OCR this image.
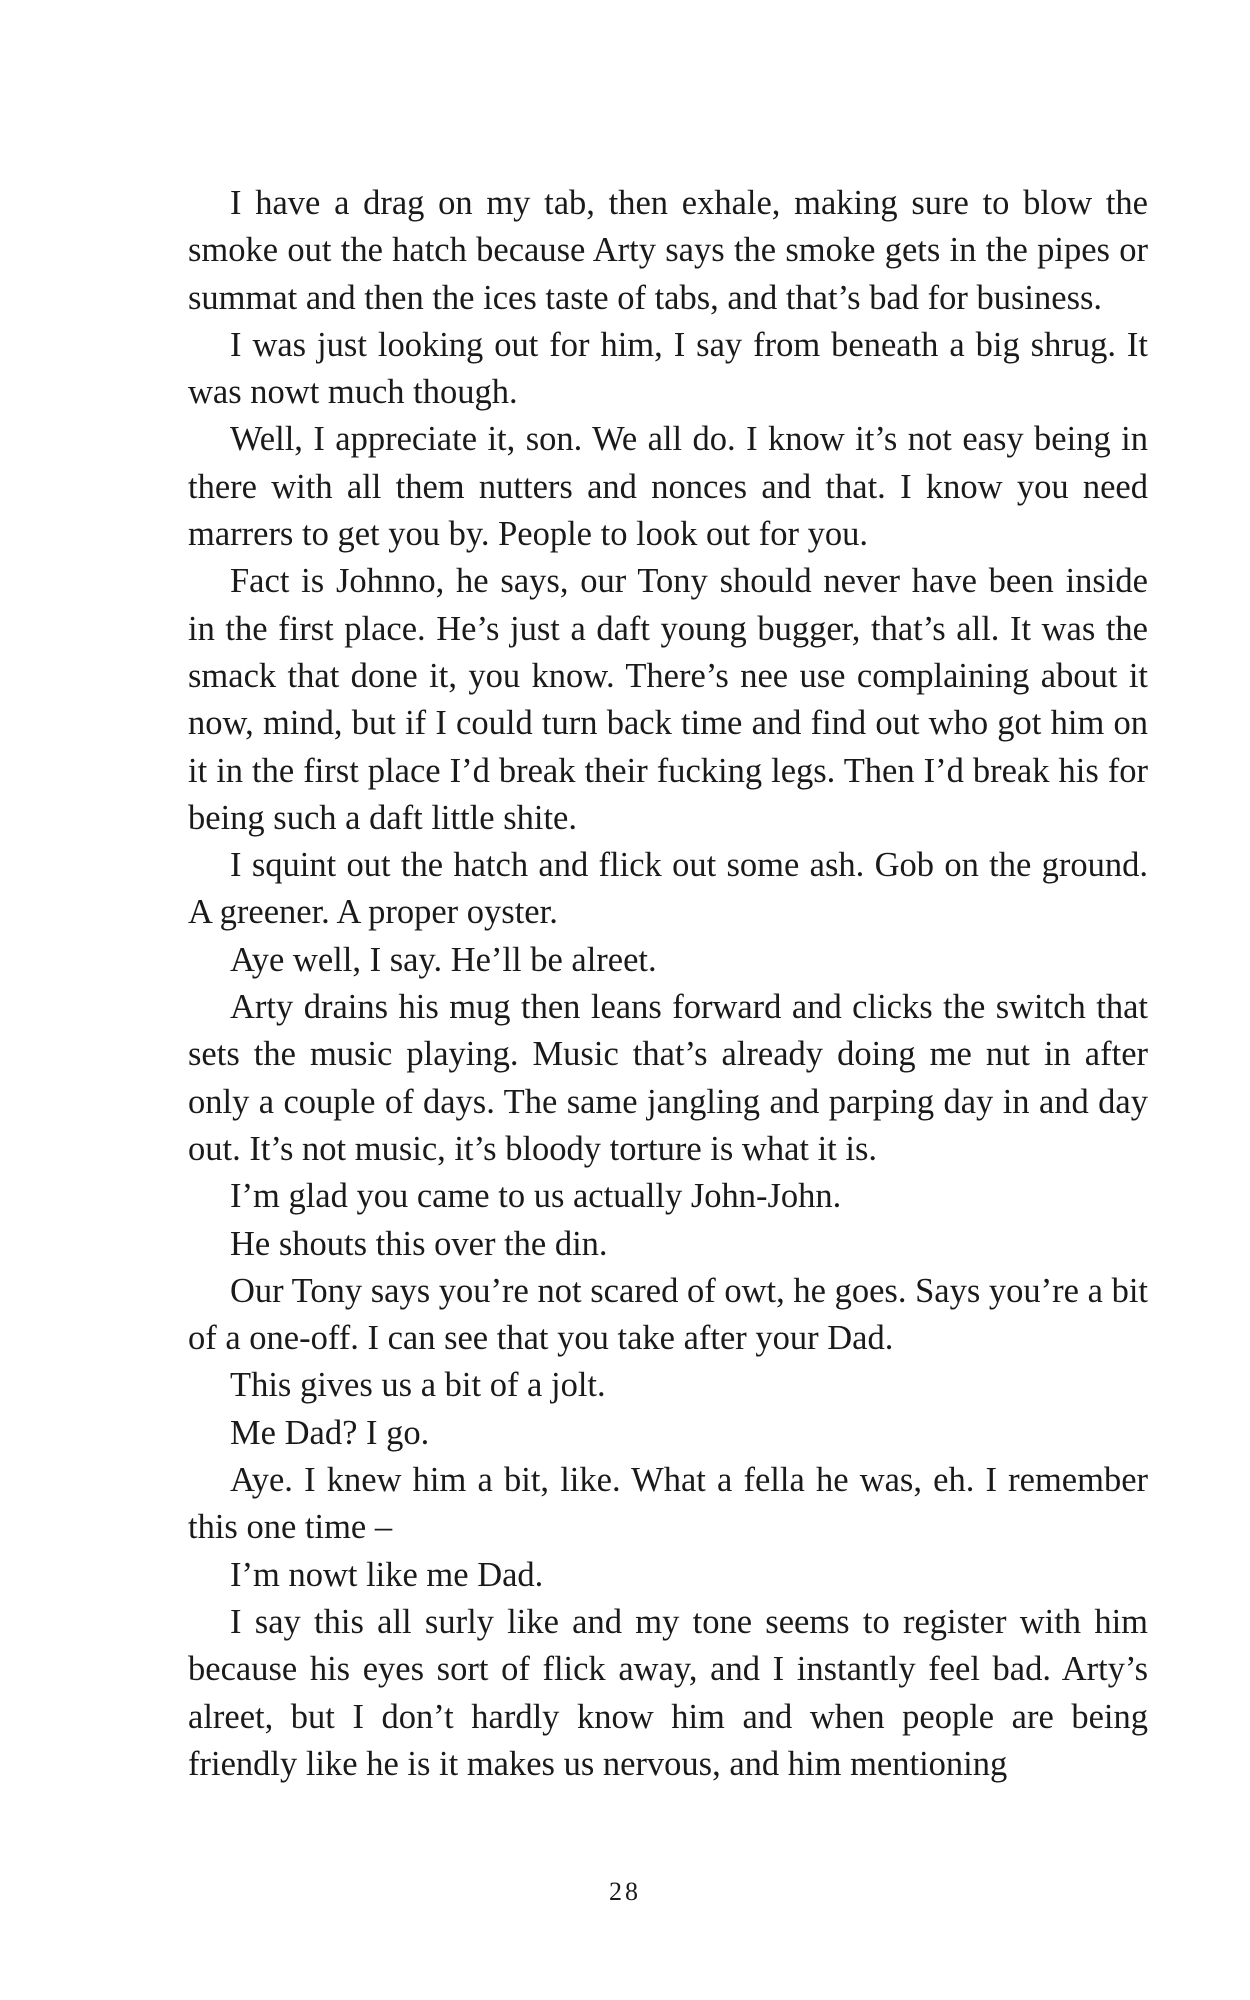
I have a drag on my tab, then exhale, making sure to blow the smoke out the hatch because Arty says the smoke gets in the pipes or summat and then the ices taste of tabs, and that’s bad for business.

I was just looking out for him, I say from beneath a big shrug. It was nowt much though.

Well, I appreciate it, son. We all do. I know it’s not easy being in there with all them nutters and nonces and that. I know you need marrers to get you by. People to look out for you.

Fact is Johnno, he says, our Tony should never have been inside in the first place. He’s just a daft young bugger, that’s all. It was the smack that done it, you know. There’s nee use complaining about it now, mind, but if I could turn back time and find out who got him on it in the first place I’d break their fucking legs. Then I’d break his for being such a daft little shite.

I squint out the hatch and flick out some ash. Gob on the ground. A greener. A proper oyster.

Aye well, I say. He’ll be alreet.

Arty drains his mug then leans forward and clicks the switch that sets the music playing. Music that’s already doing me nut in after only a couple of days. The same jangling and parping day in and day out. It’s not music, it’s bloody torture is what it is.

I’m glad you came to us actually John-John.

He shouts this over the din.

Our Tony says you’re not scared of owt, he goes. Says you’re a bit of a one-off. I can see that you take after your Dad.

This gives us a bit of a jolt.

Me Dad? I go.

Aye. I knew him a bit, like. What a fella he was, eh. I remember this one time –

I’m nowt like me Dad.

I say this all surly like and my tone seems to register with him because his eyes sort of flick away, and I instantly feel bad. Arty’s alreet, but I don’t hardly know him and when people are being friendly like he is it makes us nervous, and him mentioning

28
